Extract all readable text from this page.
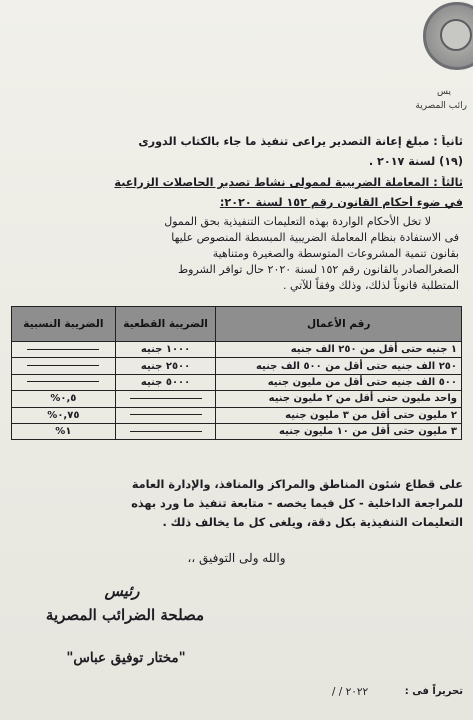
يس
رائب المصرية
ثانياً : مبلغ إعانة التصدير يراعى تنفيذ ما جاء بالكتاب الدورى
(١٩) لسنة ٢٠١٧ .
ثالثاً : المعاملة الضريبية لممولى نشاط تصدير الحاصلات الزراعية
في ضوء أحكام القانون رقم ١٥٢ لسنة ٢٠٢٠:
لا تخل الأحكام الواردة بهذه التعليمات التنفيذية بحق الممول
فى الاستفادة بنظام المعاملة الضريبية المبسطة المنصوص عليها
بقانون تنمية المشروعات المتوسطة والصغيرة ومتناهية
الصغرالصادر بالقانون رقم ١٥٢ لسنة ٢٠٢٠ حال توافر الشروط
المتطلبة قانوناً لذلك، وذلك وفقاً للآتي .
رقم الأعمال	الضريبة القطعية	الضريبة النسبية
١ جنيه حتى أقل من ٢٥٠ الف جنيه	١٠٠٠ جنيه	
٢٥٠ الف جنيه حتى أقل من ٥٠٠ الف جنيه	٢٥٠٠ جنيه	
٥٠٠ الف جنيه حتى أقل من مليون جنيه	٥٠٠٠ جنيه	
واحد مليون حتى أقل من ٢ مليون جنيه		٠,٥%
٢ مليون حتى أقل من ٣ مليون جنيه		٠,٧٥%
٣ مليون حتى أقل من ١٠ مليون جنيه		١%
على قطاع شئون المناطق والمراكز والمنافذ، والإدارة العامة
للمراجعة الداخلية - كل فيما يخصه - متابعة تنفيذ ما ورد بهذه
التعليمات التنفيذية بكل دقة، ويلغى كل ما يخالف ذلك .
والله ولى التوفيق ،،
رئيس
مصلحة الضرائب المصرية
"مختار توفيق عباس"
تحريراً فى :
/ / ٢٠٢٢
